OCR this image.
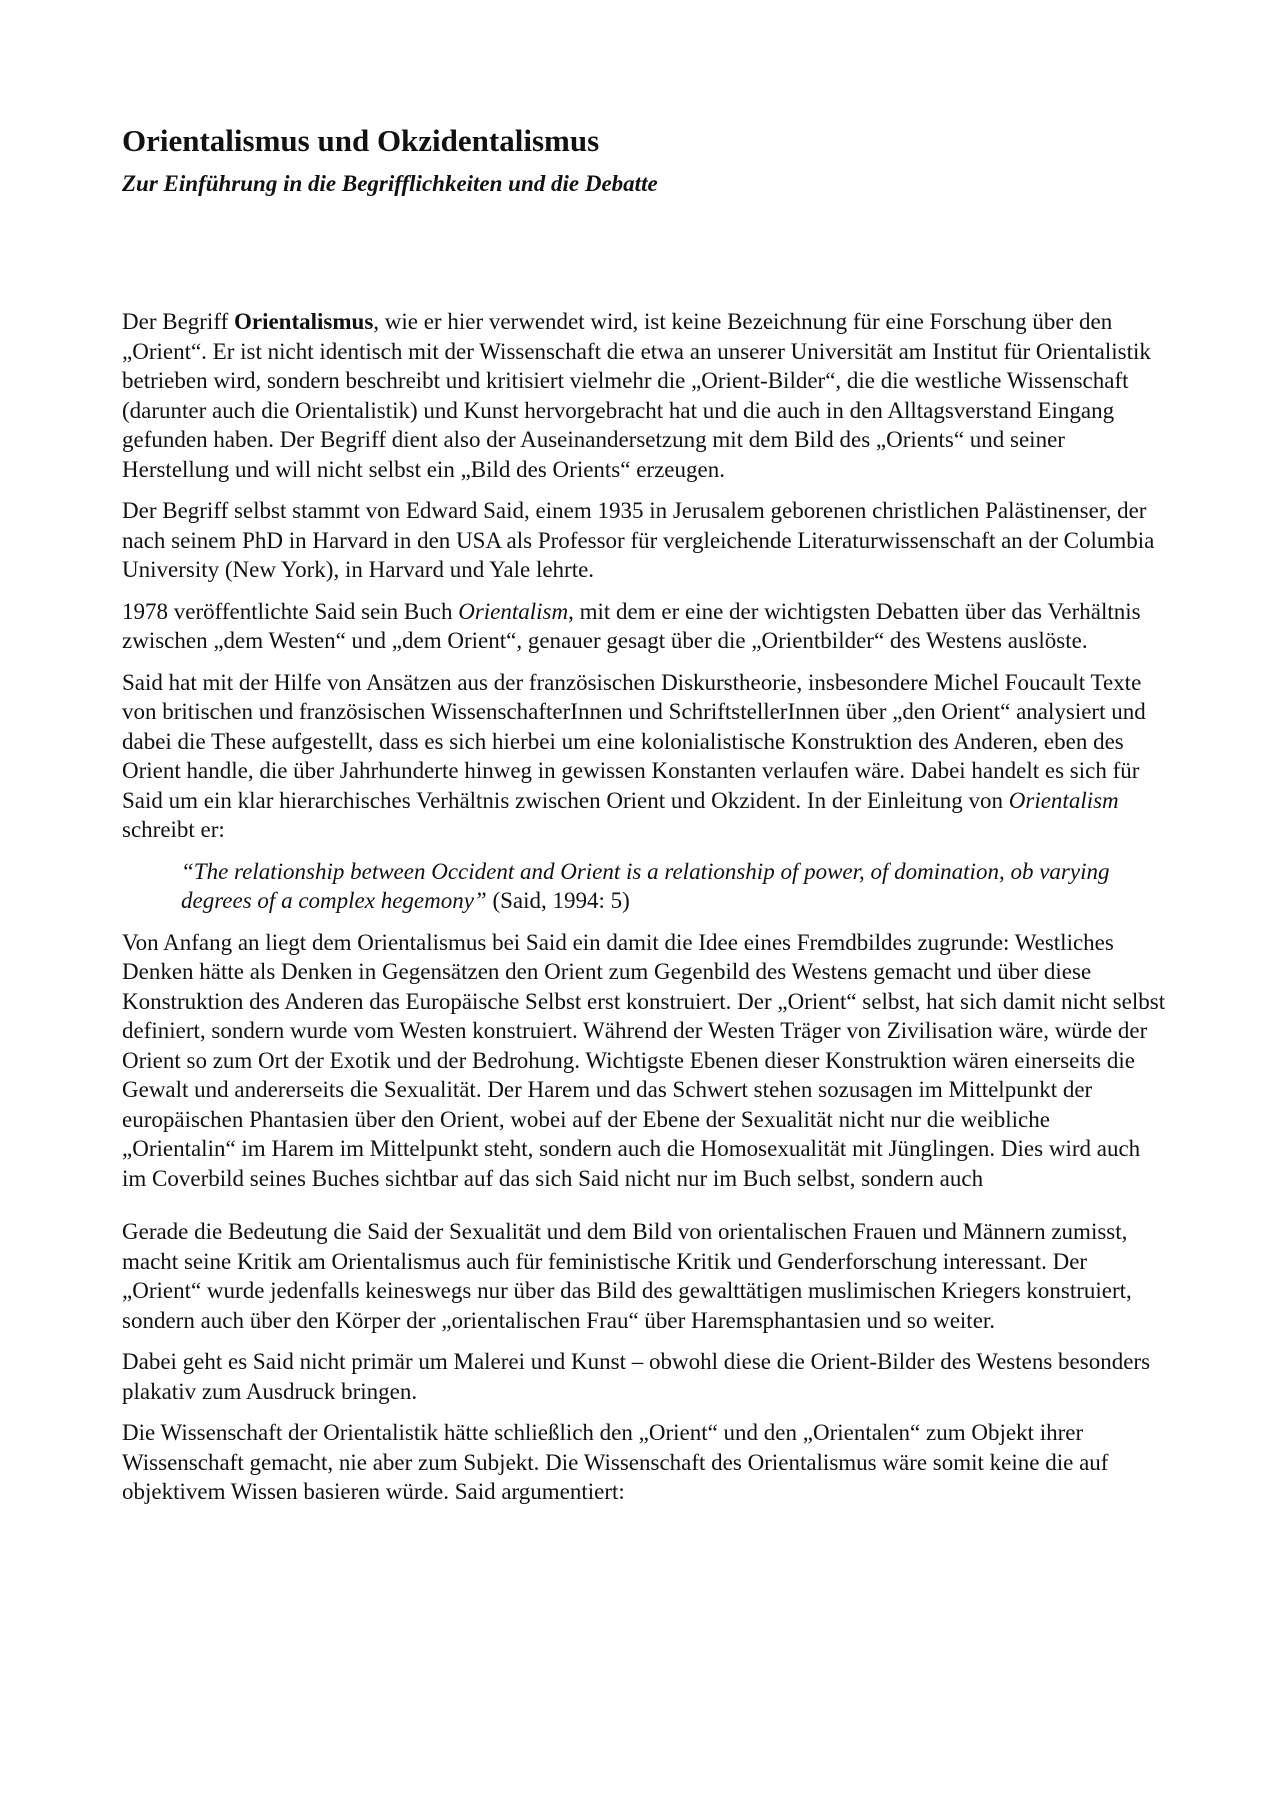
Orientalismus und Okzidentalismus
Zur Einführung in die Begrifflichkeiten und die Debatte

Der Begriff Orientalismus, wie er hier verwendet wird, ist keine Bezeichnung für eine Forschung über den „Orient“. Er ist nicht identisch mit der Wissenschaft die etwa an unserer Universität am Institut für Orientalistik betrieben wird, sondern beschreibt und kritisiert vielmehr die „Orient-Bilder“, die die westliche Wissenschaft (darunter auch die Orientalistik) und Kunst hervorgebracht hat und die auch in den Alltagsverstand Eingang gefunden haben. Der Begriff dient also der Auseinandersetzung mit dem Bild des „Orients“ und seiner Herstellung und will nicht selbst ein „Bild des Orients“ erzeugen.

Der Begriff selbst stammt von Edward Said, einem 1935 in Jerusalem geborenen christlichen Palästinenser, der nach seinem PhD in Harvard in den USA als Professor für vergleichende Literaturwissenschaft an der Columbia University (New York), in Harvard und Yale lehrte.

1978 veröffentlichte Said sein Buch Orientalism, mit dem er eine der wichtigsten Debatten über das Verhältnis zwischen „dem Westen“ und „dem Orient“, genauer gesagt über die „Orientbilder“ des Westens auslöste.

Said hat mit der Hilfe von Ansätzen aus der französischen Diskurstheorie, insbesondere Michel Foucault Texte von britischen und französischen WissenschafterInnen und SchriftstellerInnen über „den Orient“ analysiert und dabei die These aufgestellt, dass es sich hierbei um eine kolonialistische Konstruktion des Anderen, eben des Orient handle, die über Jahrhunderte hinweg in gewissen Konstanten verlaufen wäre. Dabei handelt es sich für Said um ein klar hierarchisches Verhältnis zwischen Orient und Okzident. In der Einleitung von Orientalism schreibt er:

“The relationship between Occident and Orient is a relationship of power, of domination, ob varying degrees of a complex hegemony” (Said, 1994: 5)

Von Anfang an liegt dem Orientalismus bei Said ein damit die Idee eines Fremdbildes zugrunde: Westliches Denken hätte als Denken in Gegensätzen den Orient zum Gegenbild des Westens gemacht und über diese Konstruktion des Anderen das Europäische Selbst erst konstruiert. Der „Orient“ selbst, hat sich damit nicht selbst definiert, sondern wurde vom Westen konstruiert. Während der Westen Träger von Zivilisation wäre, würde der Orient so zum Ort der Exotik und der Bedrohung. Wichtigste Ebenen dieser Konstruktion wären einerseits die Gewalt und andererseits die Sexualität. Der Harem und das Schwert stehen sozusagen im Mittelpunkt der europäischen Phantasien über den Orient, wobei auf der Ebene der Sexualität nicht nur die weibliche „Orientalin“ im Harem im Mittelpunkt steht, sondern auch die Homosexualität mit Jünglingen. Dies wird auch im Coverbild seines Buches sichtbar auf das sich Said nicht nur im Buch selbst, sondern auch

Gerade die Bedeutung die Said der Sexualität und dem Bild von orientalischen Frauen und Männern zumisst, macht seine Kritik am Orientalismus auch für feministische Kritik und Genderforschung interessant. Der „Orient“ wurde jedenfalls keineswegs nur über das Bild des gewalttätigen muslimischen Kriegers konstruiert, sondern auch über den Körper der „orientalischen Frau“ über Haremsphantasien und so weiter.

Dabei geht es Said nicht primär um Malerei und Kunst – obwohl diese die Orient-Bilder des Westens besonders plakativ zum Ausdruck bringen.

Die Wissenschaft der Orientalistik hätte schließlich den „Orient“ und den „Orientalen“ zum Objekt ihrer Wissenschaft gemacht, nie aber zum Subjekt. Die Wissenschaft des Orientalismus wäre somit keine die auf objektivem Wissen basieren würde. Said argumentiert:
